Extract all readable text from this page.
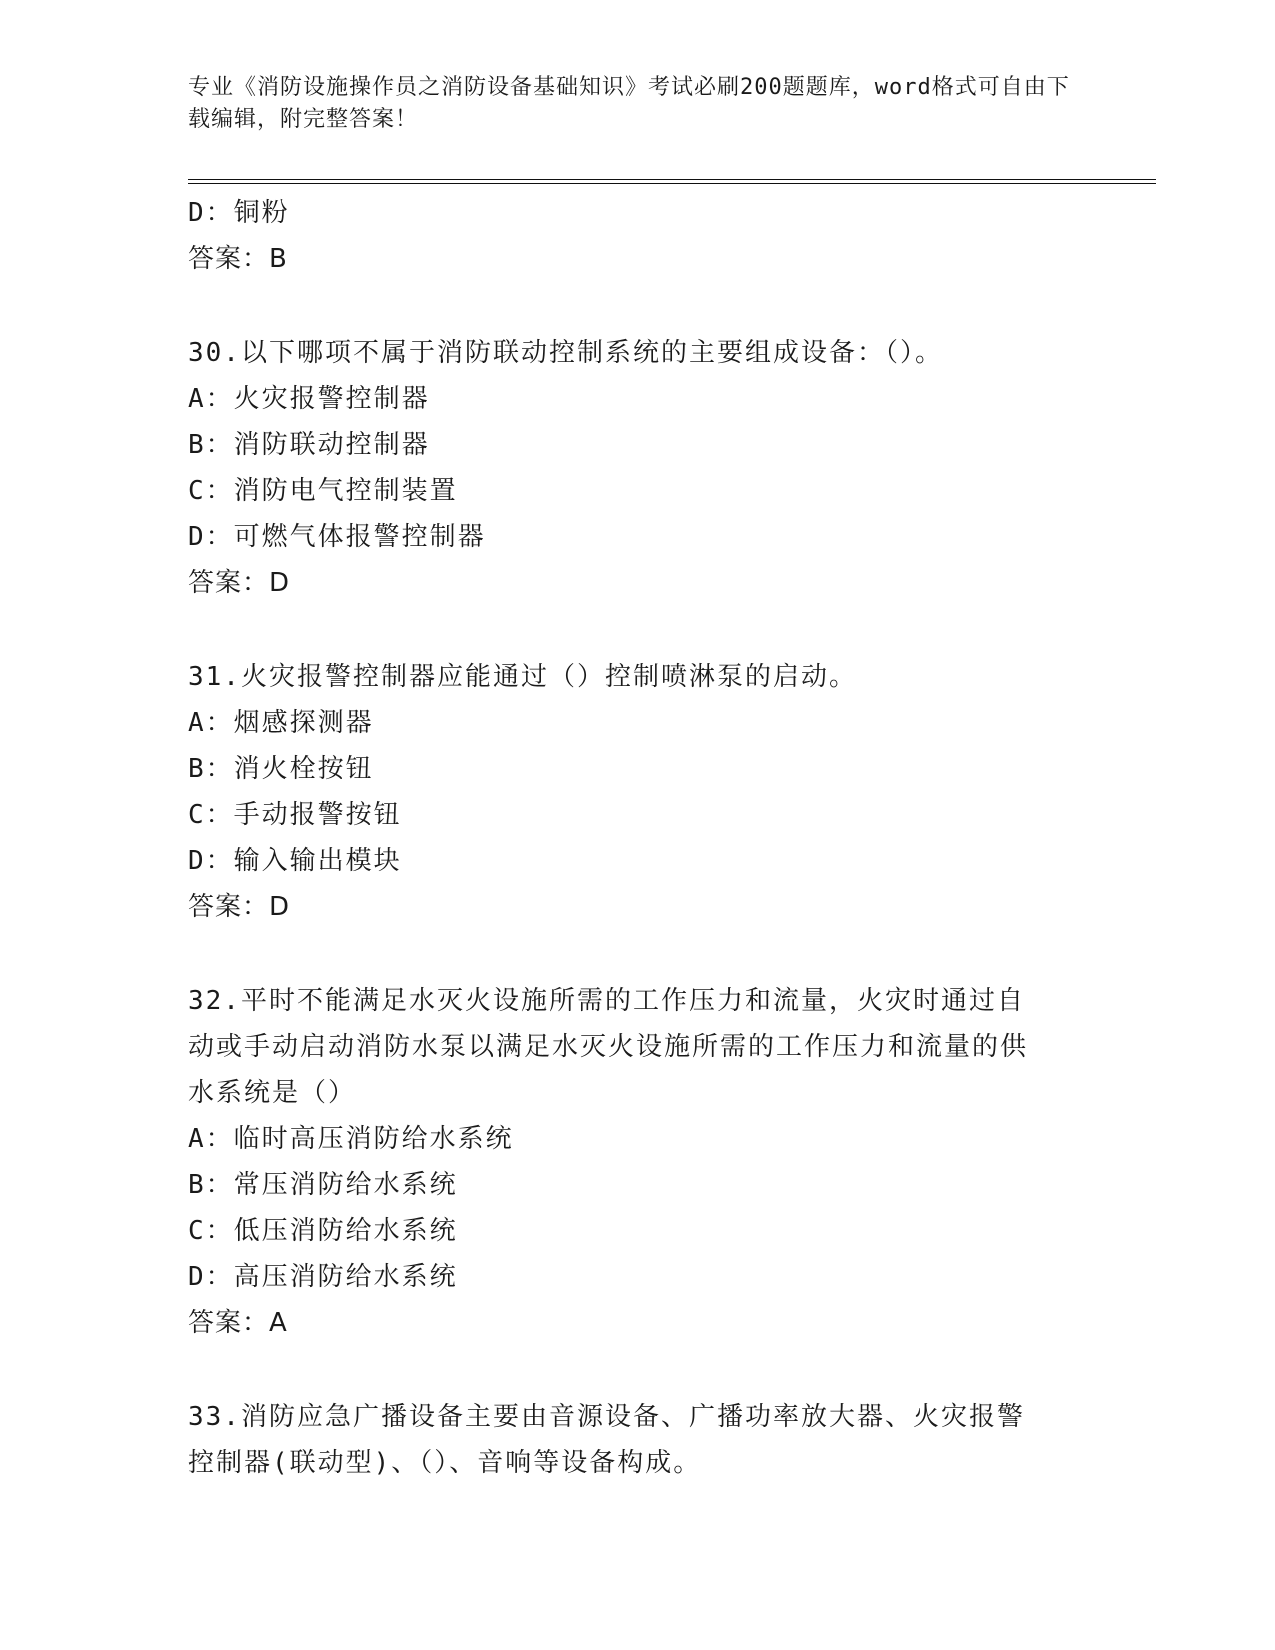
专业《消防设施操作员之消防设备基础知识》考试必刷200题题库，word格式可自由下载编辑，附完整答案！
D：铜粉
答案：B
30.以下哪项不属于消防联动控制系统的主要组成设备：（）。
A：火灾报警控制器
B：消防联动控制器
C：消防电气控制装置
D：可燃气体报警控制器
答案：D
31.火灾报警控制器应能通过（）控制喷淋泵的启动。
A：烟感探测器
B：消火栓按钮
C：手动报警按钮
D：输入输出模块
答案：D
32.平时不能满足水灭火设施所需的工作压力和流量，火灾时通过自动或手动启动消防水泵以满足水灭火设施所需的工作压力和流量的供水系统是（）
A：临时高压消防给水系统
B：常压消防给水系统
C：低压消防给水系统
D：高压消防给水系统
答案：A
33.消防应急广播设备主要由音源设备、广播功率放大器、火灾报警控制器(联动型)、（）、音响等设备构成。
